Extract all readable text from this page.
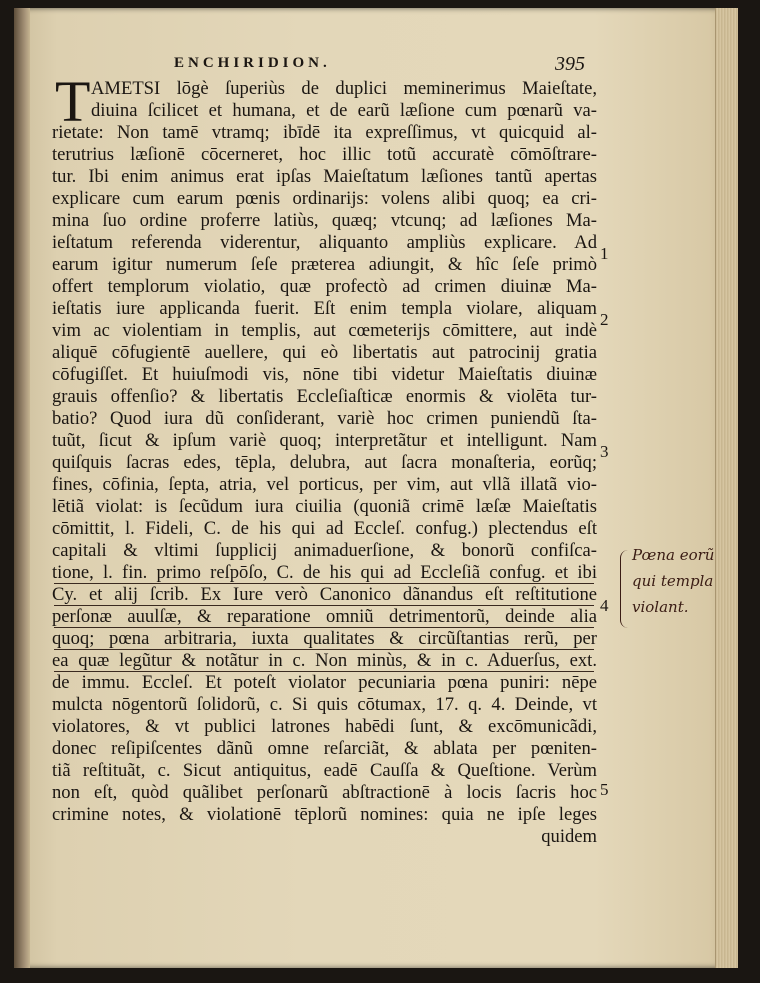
ENCHIRIDION.	395
T AMETSI lōgè ſuperiùs de duplici meminerimus Maieſtate,
diuina ſcilicet et humana, et de earũ læſione cum pœnarũ va-
rietate: Non tamē vtramq; ibīdē ita expreſſimus, vt quicquid al-
terutrius læſionē cōcerneret, hoc illic totũ accuratè cōmōſtrare-
tur. Ibi enim animus erat ipſas Maieſtatum læſiones tantũ apertas
explicare cum earum pœnis ordinarijs: volens alibi quoq; ea cri-
mina ſuo ordine proferre latiùs, quæq; vtcunq; ad læſiones Ma-
ieſtatum referenda viderentur, aliquanto ampliùs explicare. Ad
earum igitur numerum ſeſe præterea adiungit, & hîc ſeſe primò
offert templorum violatio, quæ profectò ad crimen diuinæ Ma-
ieſtatis iure applicanda fuerit. Eſt enim templa violare, aliquam
vim ac violentiam in templis, aut cœmeterijs cōmittere, aut indè
aliquē cōfugientē auellere, qui eò libertatis aut patrocinij gratia
cōfugiſſet. Et huiuſmodi vis, nōne tibi videtur Maieſtatis diuinæ
grauis offenſio? & libertatis Eccleſiaſticæ enormis & violēta tur-
batio? Quod iura dũ conſiderant, variè hoc crimen puniendũ ſta-
tuũt, ſicut & ipſum variè quoq; interpretãtur et intelligunt. Nam
quiſquis ſacras edes, tēpla, delubra, aut ſacra monaſteria, eorũq;
fines, cōfinia, ſepta, atria, vel porticus, per vim, aut vllã illatã vio-
lētiã violat: is ſecũdum iura ciuilia (quoniã crimē læſæ Maieſtatis
cōmittit, l. Fideli, C. de his qui ad Eccleſ. confug.) plectendus eſt
capitali & vltimi ſupplicij animaduerſione, & bonorũ confiſca-
tione, l. fin. primo reſpōſo, C. de his qui ad Eccleſiã confug. et ibi
Cy. et alij ſcrib. Ex Iure verò Canonico dãnandus eſt reſtitutione
perſonæ auulſæ, & reparatione omniũ detrimentorũ, deinde alia
quoq; pœna arbitraria, iuxta qualitates & circũſtantias rerũ, per
ea quæ legũtur & notãtur in c. Non minùs, & in c. Aduerſus, ext.
de immu. Eccleſ. Et poteſt violator pecuniaria pœna puniri: nēpe
mulcta nōgentorũ ſolidorũ, c. Si quis cōtumax, 17. q. 4. Deinde, vt
violatores, & vt publici latrones habēdi ſunt, & excōmunicãdi,
donec reſipiſcentes dãnũ omne reſarciãt, & ablata per pœniten-
tiã reſtituãt, c. Sicut antiquitus, eadē Cauſſa & Queſtione. Verùm
non eſt, quòd quãlibet perſonarũ abſtractionē à locis ſacris hoc
crimine notes, & violationē tēplorũ nomines: quia ne ipſe leges
quidem
1
2
3
4
5
Pœna eorũ
qui templa
violant.
